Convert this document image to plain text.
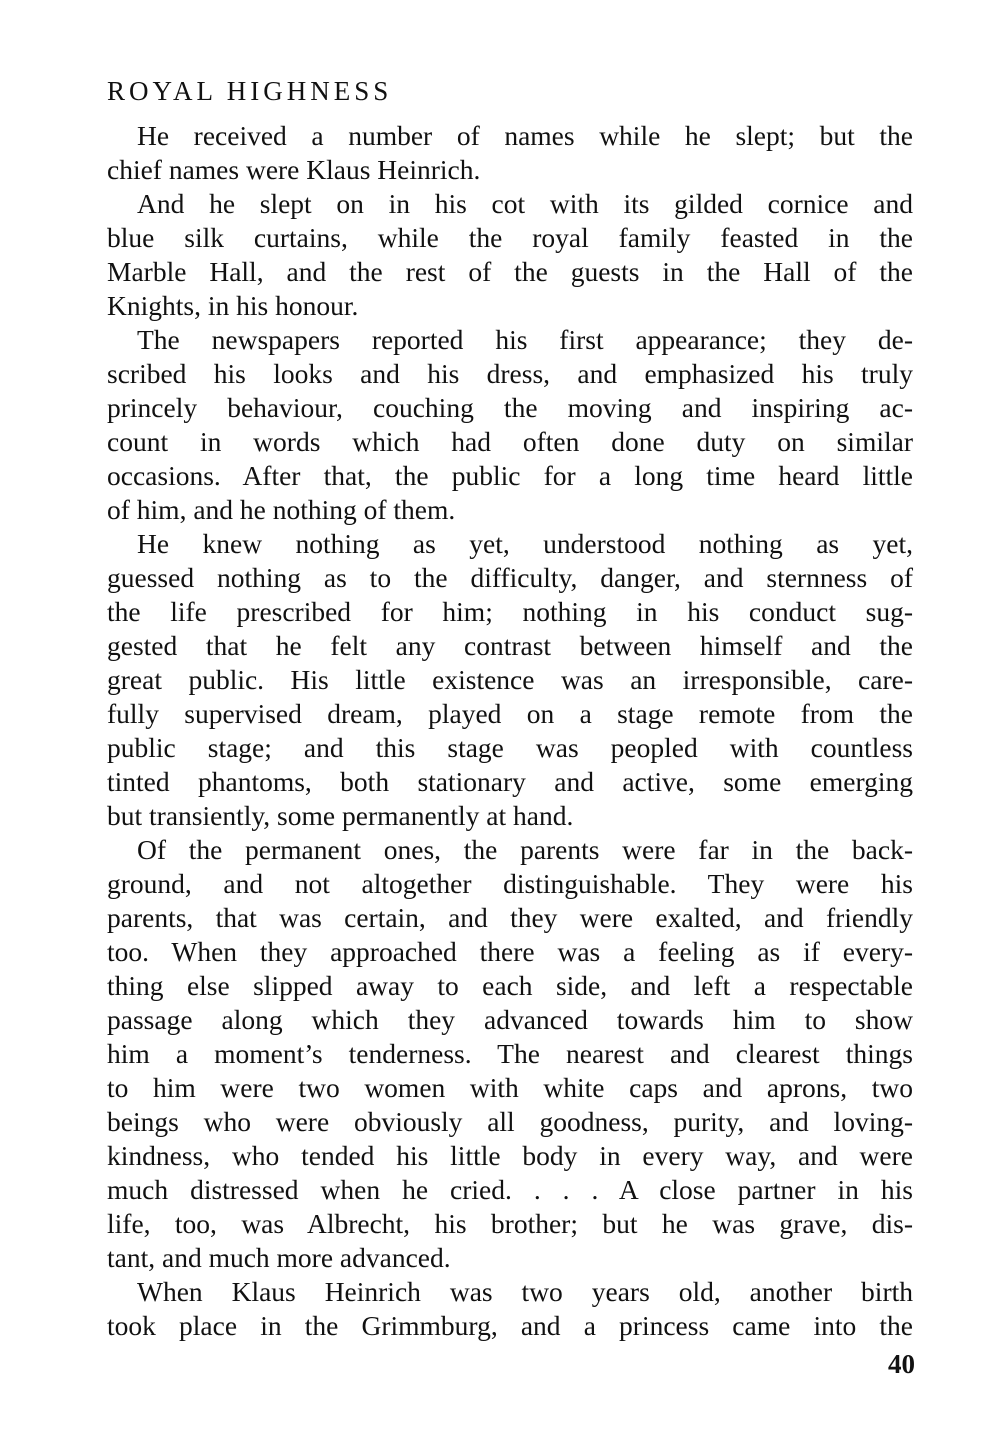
ROYAL HIGHNESS
He received a number of names while he slept; but the
chief names were Klaus Heinrich.
And he slept on in his cot with its gilded cornice and
blue silk curtains, while the royal family feasted in the
Marble Hall, and the rest of the guests in the Hall of the
Knights, in his honour.
The newspapers reported his first appearance; they de-
scribed his looks and his dress, and emphasized his truly
princely behaviour, couching the moving and inspiring ac-
count in words which had often done duty on similar
occasions. After that, the public for a long time heard little
of him, and he nothing of them.
He knew nothing as yet, understood nothing as yet,
guessed nothing as to the difficulty, danger, and sternness of
the life prescribed for him; nothing in his conduct sug-
gested that he felt any contrast between himself and the
great public. His little existence was an irresponsible, care-
fully supervised dream, played on a stage remote from the
public stage; and this stage was peopled with countless
tinted phantoms, both stationary and active, some emerging
but transiently, some permanently at hand.
Of the permanent ones, the parents were far in the back-
ground, and not altogether distinguishable. They were his
parents, that was certain, and they were exalted, and friendly
too. When they approached there was a feeling as if every-
thing else slipped away to each side, and left a respectable
passage along which they advanced towards him to show
him a moment’s tenderness. The nearest and clearest things
to him were two women with white caps and aprons, two
beings who were obviously all goodness, purity, and loving-
kindness, who tended his little body in every way, and were
much distressed when he cried. . . . A close partner in his
life, too, was Albrecht, his brother; but he was grave, dis-
tant, and much more advanced.
When Klaus Heinrich was two years old, another birth
took place in the Grimmburg, and a princess came into the
40
